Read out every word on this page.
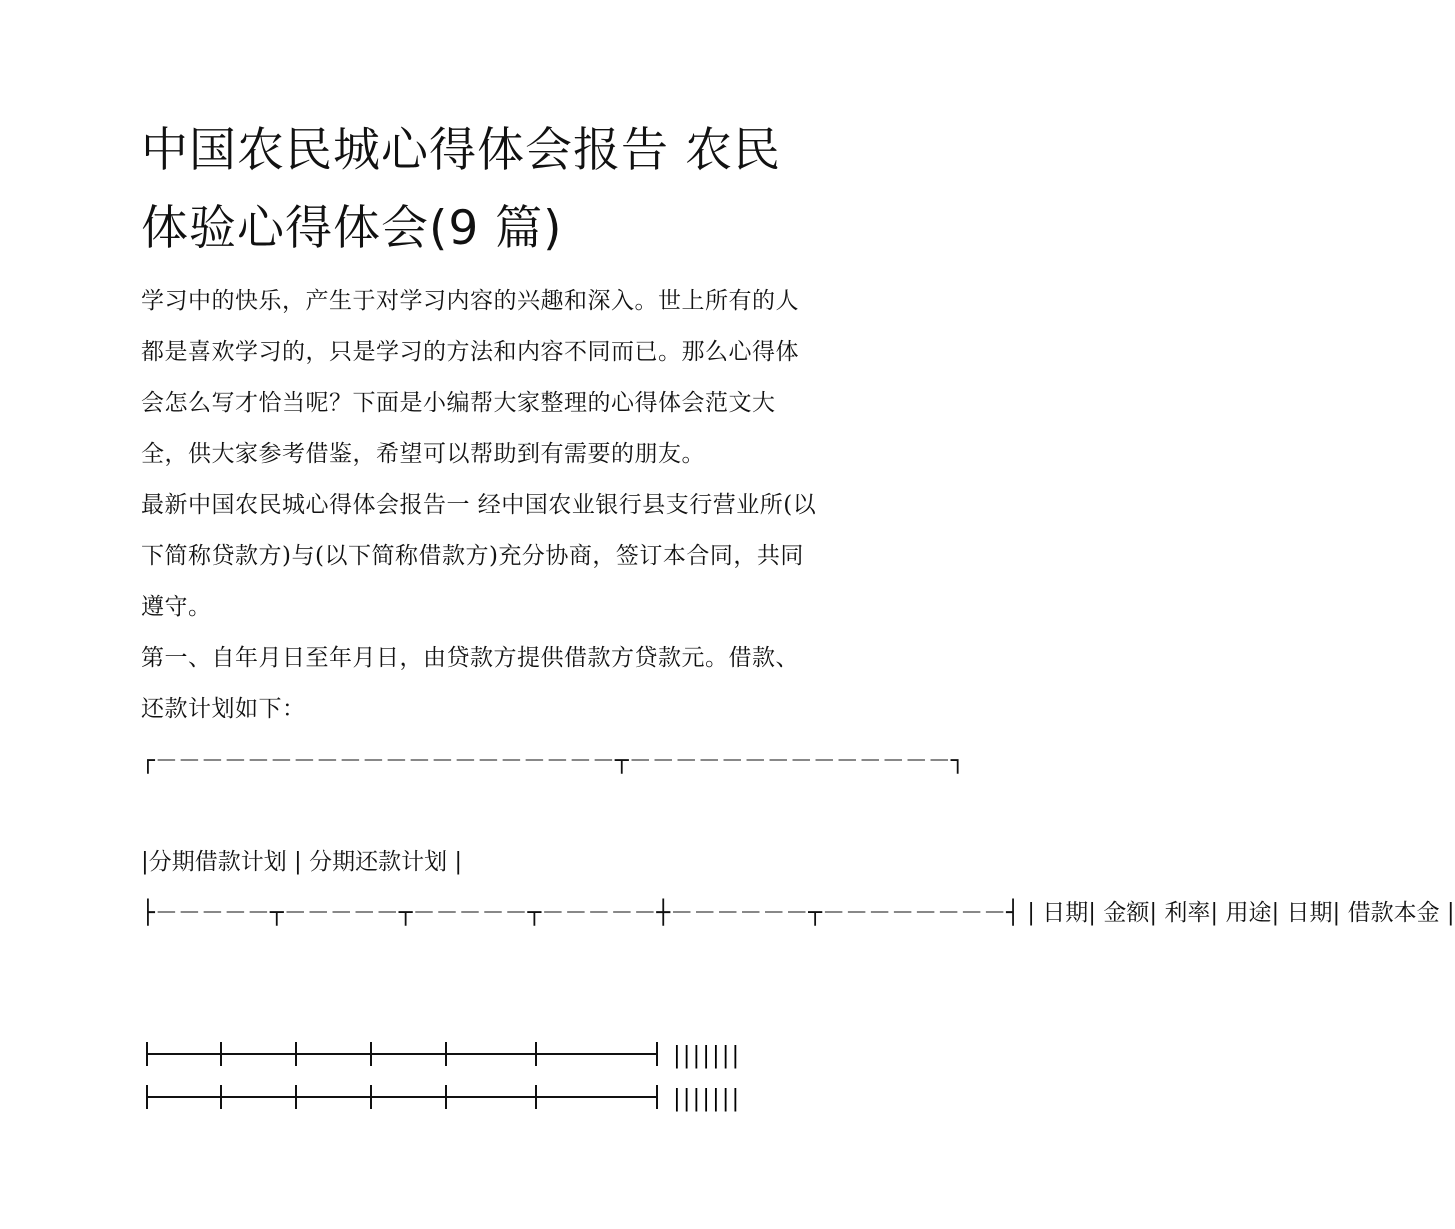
中国农民城心得体会报告 农民体验心得体会(9 篇)

学习中的快乐，产生于对学习内容的兴趣和深入。世上所有的人都是喜欢学习的，只是学习的方法和内容不同而已。那么心得体会怎么写才恰当呢？下面是小编帮大家整理的心得体会范文大全，供大家参考借鉴，希望可以帮助到有需要的朋友。

最新中国农民城心得体会报告一 经中国农业银行县支行营业所(以下简称贷款方)与(以下简称借款方)充分协商，签订本合同，共同遵守。

第一、自年月日至年月日，由贷款方提供借款方贷款元。借款、还款计划如下：

┌－－－－－－－－－－－－－－－－－－－－┬－－－－－－－－－－－－－－┐

|分期借款计划 | 分期还款计划 |

├－－－－－┬－－－－－┬－－－－－┬－－－－－┼－－－－－－┬－－－－－－－－┤ | 日期| 金额| 利率| 用途| 日期| 借款本金 |

|||||||
|||||||
